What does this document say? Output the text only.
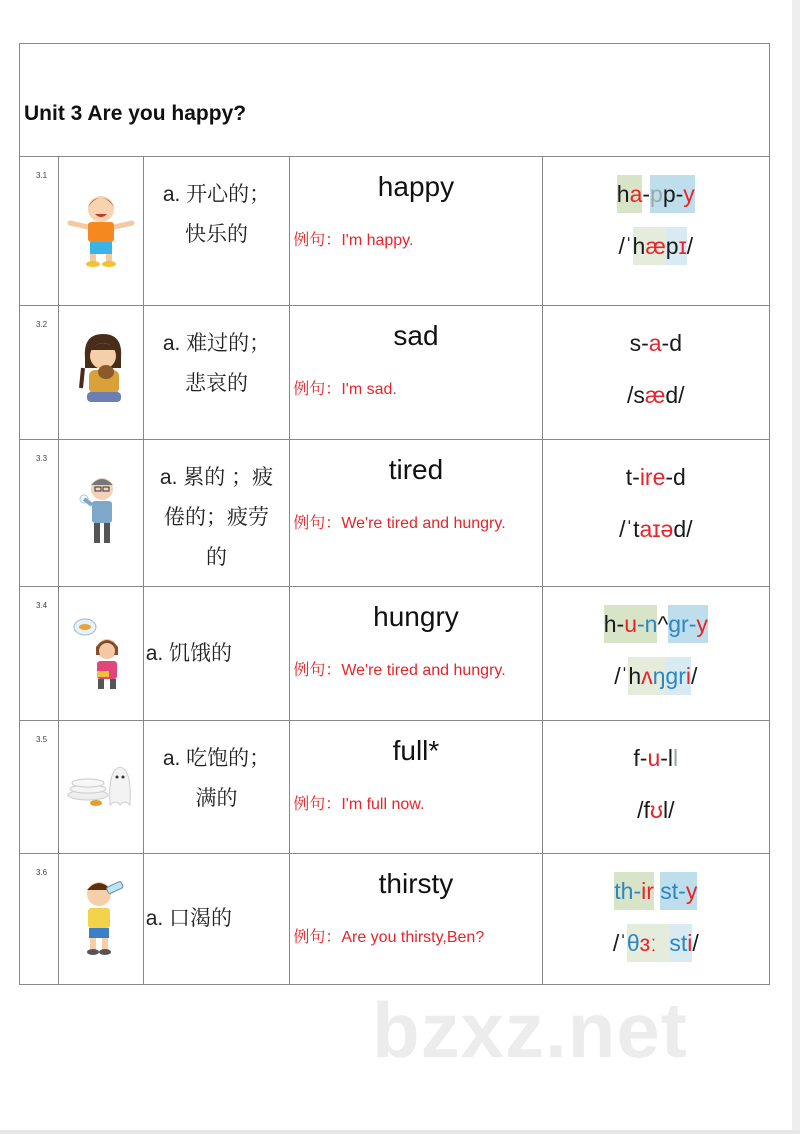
Unit 3 Are you happy?
3.1
a. 开心的；
快乐的
happy
例句：I'm happy.
ha-pp-y
/ˈhæpɪ/
3.2
a. 难过的；
悲哀的
sad
例句：I'm sad.
s-a-d
/sæd/
3.3
a. 累的 ；疲
倦的；疲劳
的
tired
例句：We're tired and hungry.
t-ire-d
/ˈtaɪəd/
3.4
a. 饥饿的
hungry
例句：We're tired and hungry.
h-u-n^gr-y
/ˈhʌŋgri/
3.5
a. 吃饱的；
满的
full*
例句：I'm full now.
f-u-ll
/fʊl/
3.6
a. 口渴的
thirsty
例句：Are you thirsty,Ben?
th-ir st-y
/ˈθɜː  sti/
bzxz.net
